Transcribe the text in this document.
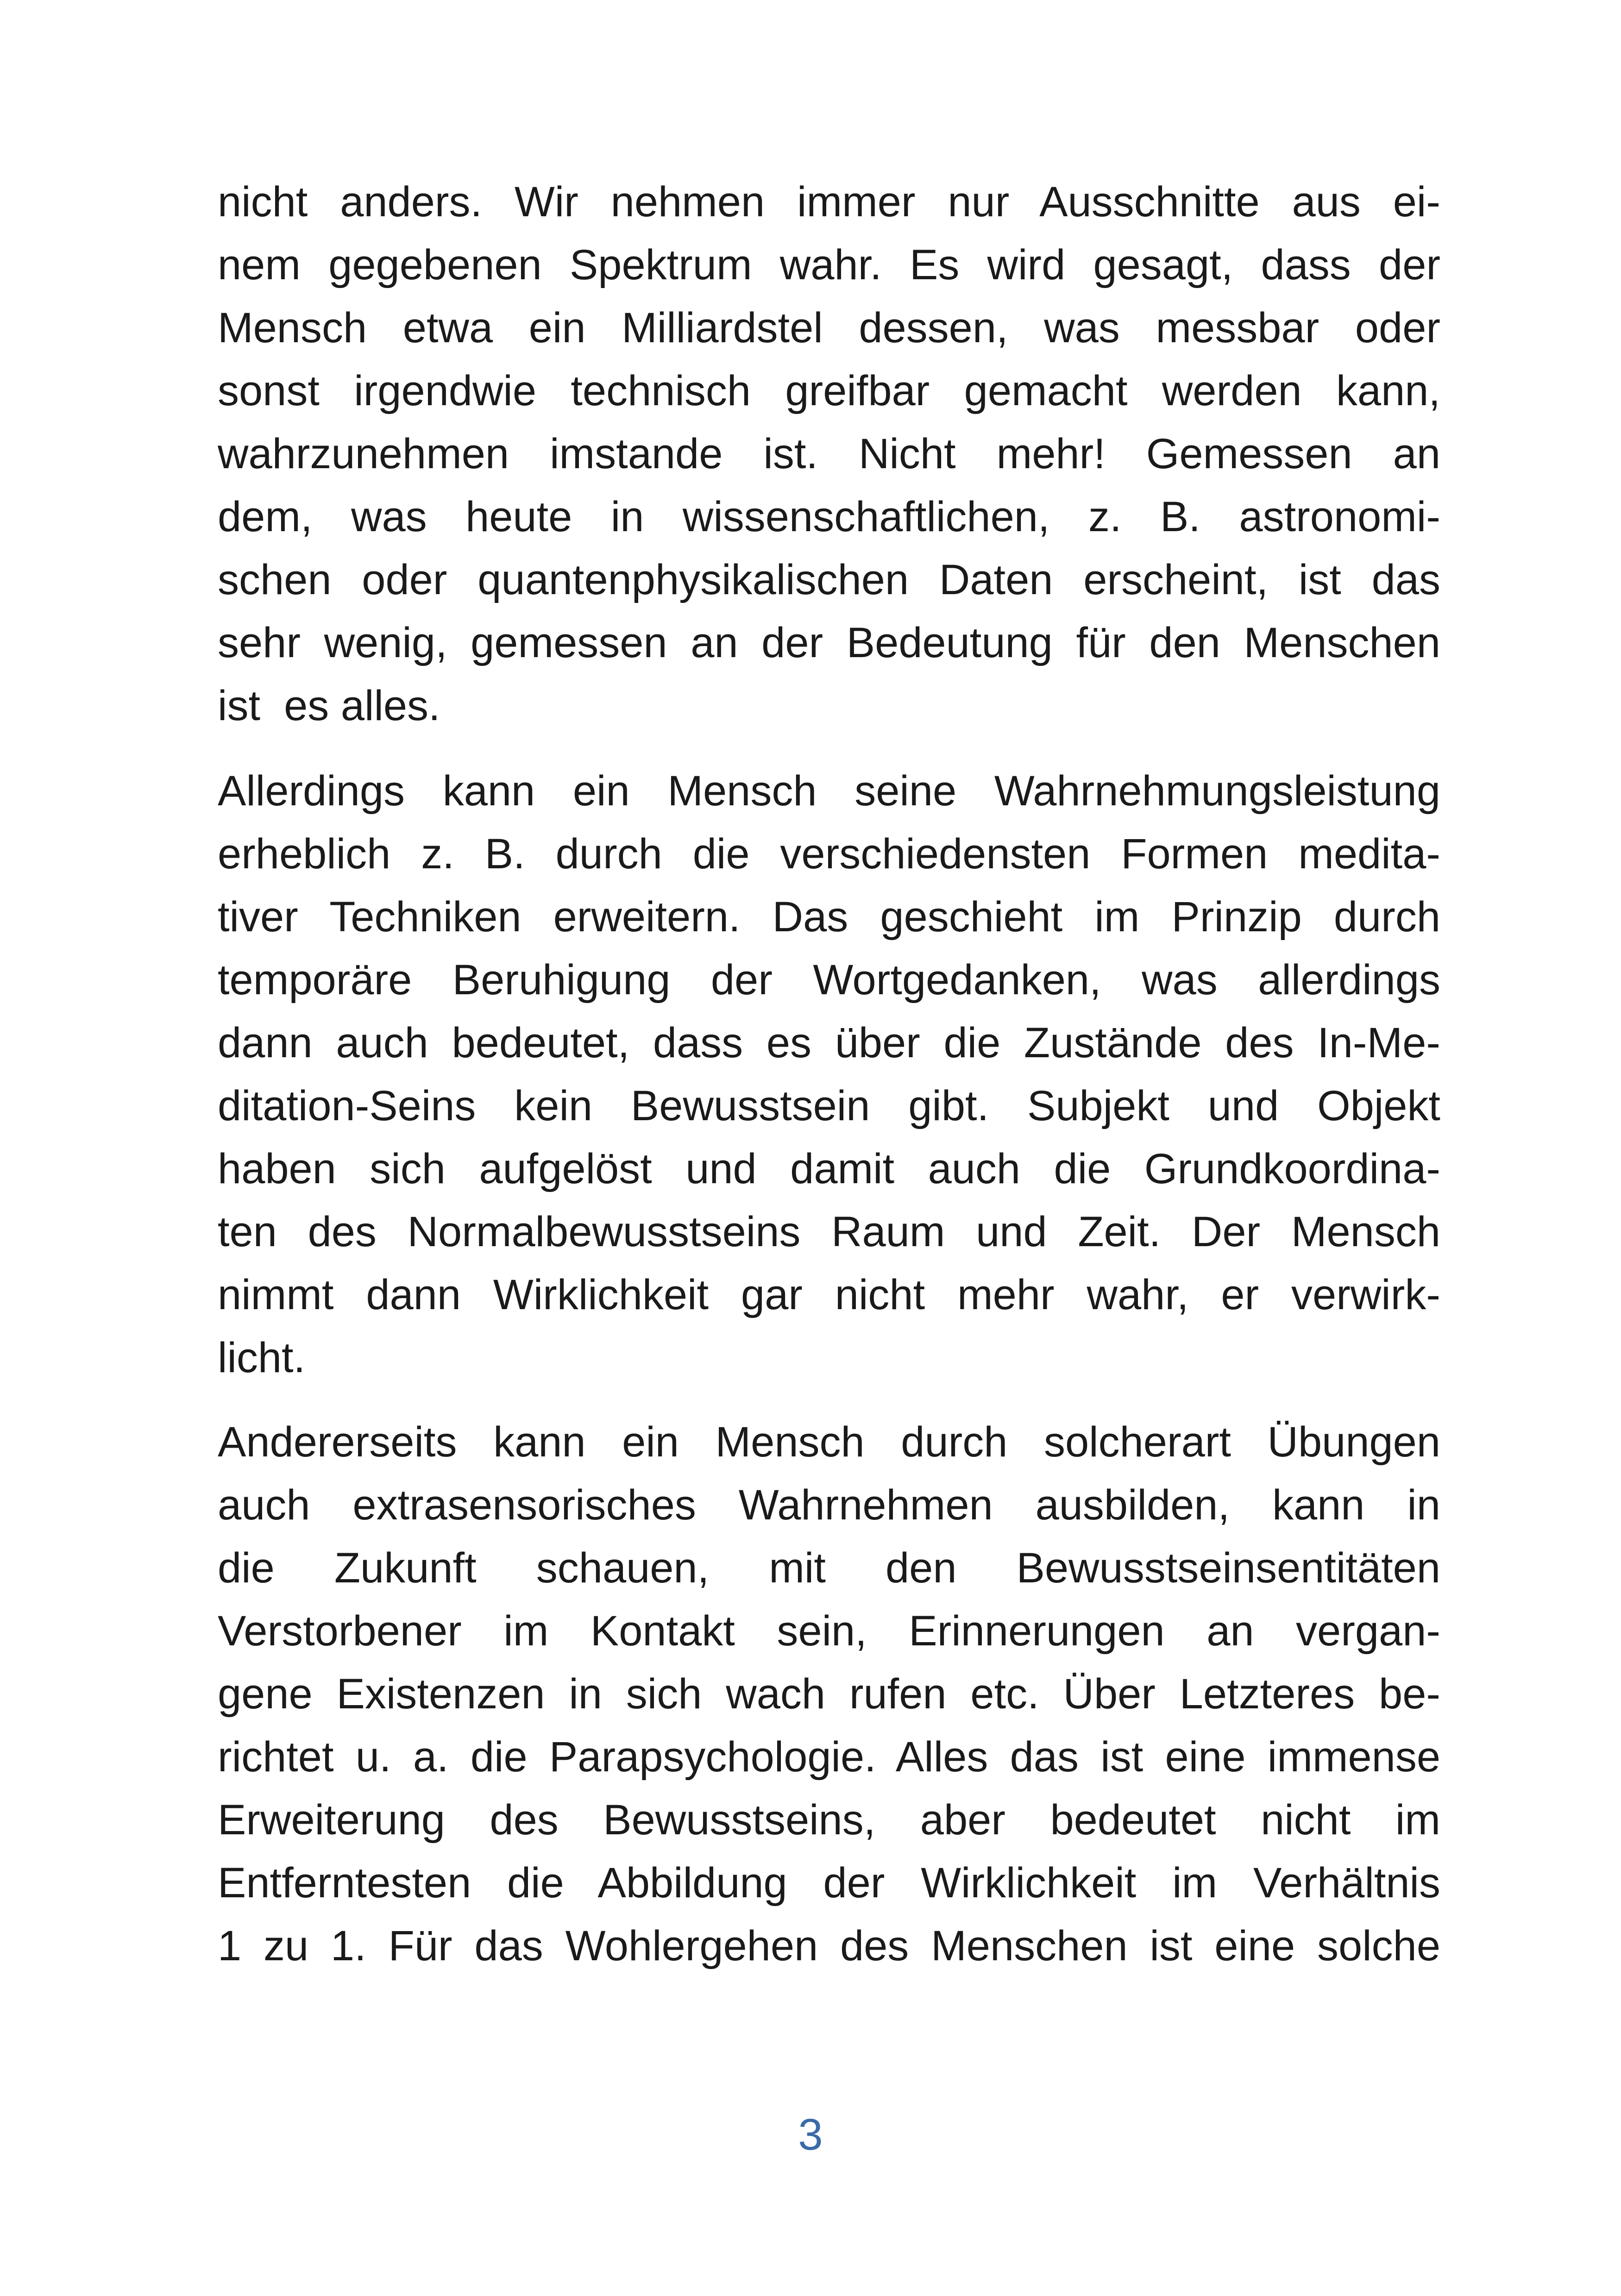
nicht anders. Wir nehmen immer nur Ausschnitte aus ei-
nem gegebenen Spektrum wahr. Es wird gesagt, dass der
Mensch etwa ein Milliardstel dessen, was messbar oder
sonst irgendwie technisch greifbar gemacht werden kann,
wahrzunehmen imstande ist. Nicht mehr! Gemessen an
dem, was heute in wissenschaftlichen, z. B. astronomi-
schen oder quantenphysikalischen Daten erscheint, ist das
sehr wenig, gemessen an der Bedeutung für den Menschen
ist  es alles.
Allerdings kann ein Mensch seine Wahrnehmungsleistung
erheblich z. B. durch die verschiedensten Formen medita-
tiver Techniken erweitern. Das geschieht im Prinzip durch
temporäre Beruhigung der Wortgedanken, was allerdings
dann auch bedeutet, dass es über die Zustände des In-Me-
ditation-Seins kein Bewusstsein gibt. Subjekt und Objekt
haben sich aufgelöst und damit auch die Grundkoordina-
ten des Normalbewusstseins Raum und Zeit. Der Mensch
nimmt dann Wirklichkeit gar nicht mehr wahr, er verwirk-
licht.
Andererseits kann ein Mensch durch solcherart Übungen
auch extrasensorisches Wahrnehmen ausbilden, kann in
die Zukunft schauen, mit den Bewusstseinsentitäten
Verstorbener im Kontakt sein, Erinnerungen an vergan-
gene Existenzen in sich wach rufen etc. Über Letzteres be-
richtet u. a. die Parapsychologie. Alles das ist eine immense
Erweiterung des Bewusstseins, aber bedeutet nicht im
Entferntesten die Abbildung der Wirklichkeit im Verhältnis
1 zu 1. Für das Wohlergehen des Menschen ist eine solche
3
